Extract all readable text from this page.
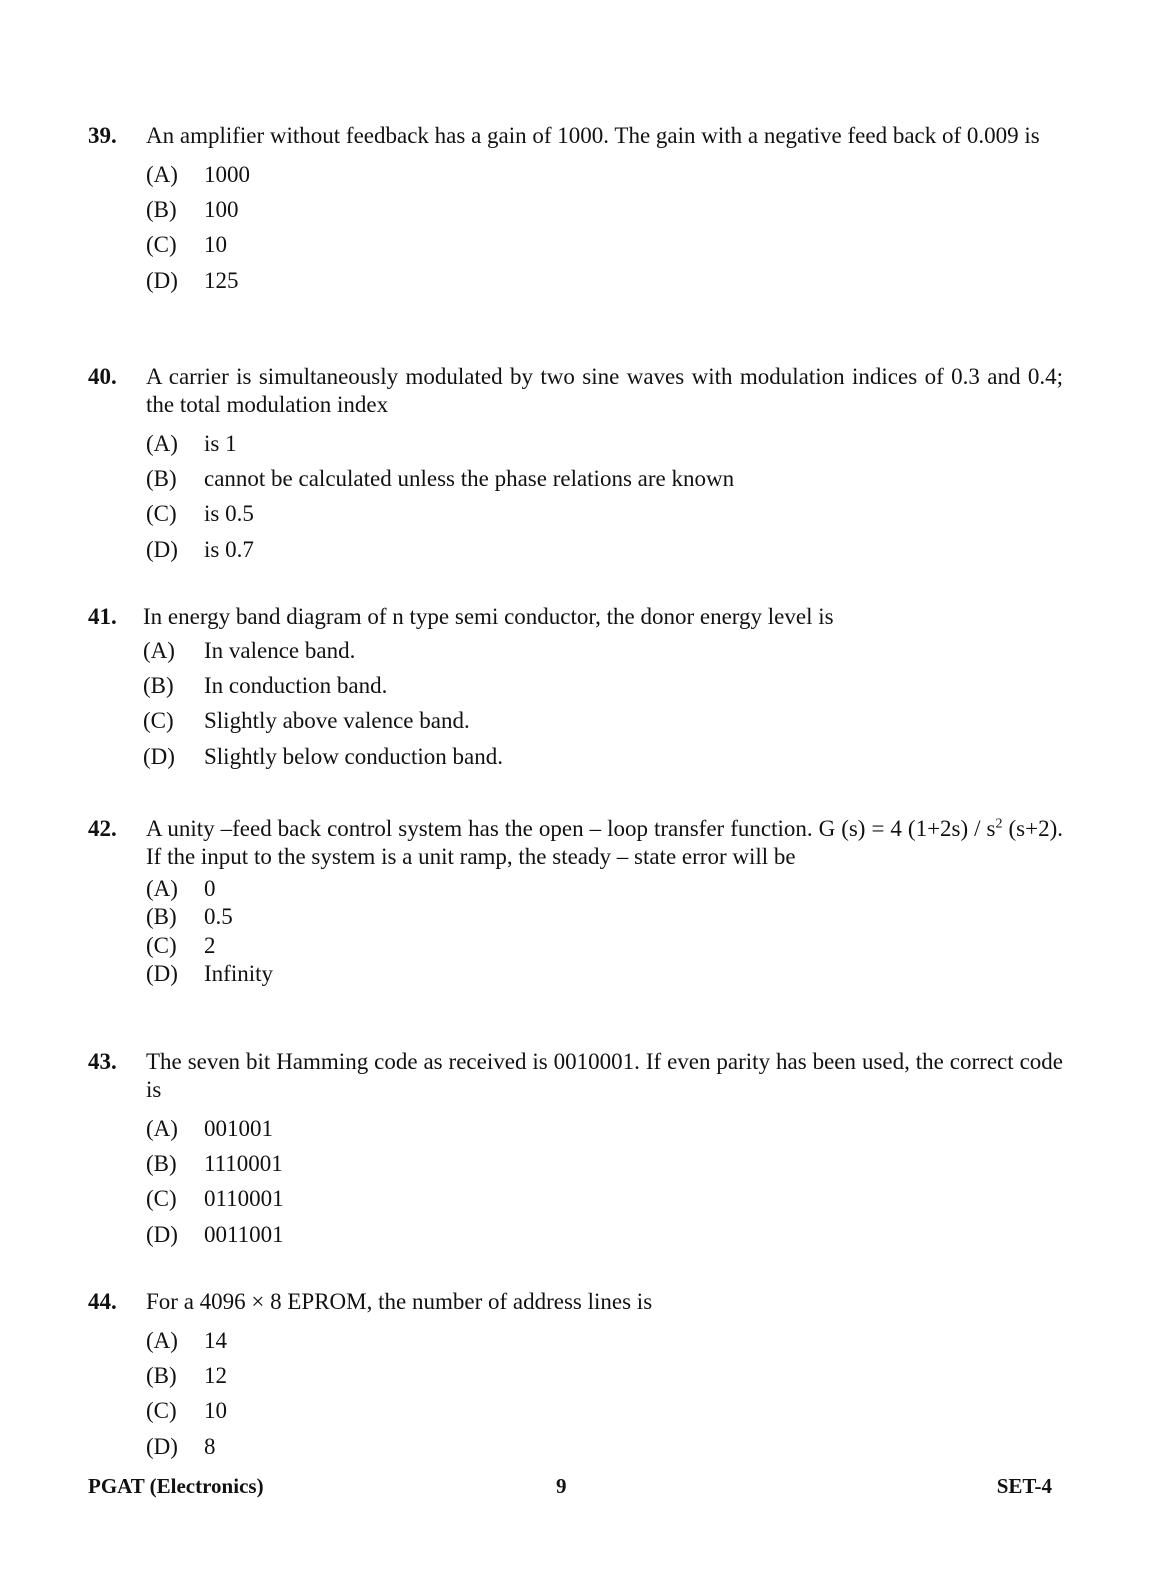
39. An amplifier without feedback has a gain of 1000. The gain with a negative feed back of 0.009 is
(A)	1000
(B)	100
(C)	10
(D)	125
40. A carrier is simultaneously modulated by two sine waves with modulation indices of 0.3 and 0.4; the total modulation index
(A)	is 1
(B)	cannot be calculated unless the phase relations are known
(C)	is 0.5
(D)	is 0.7
41. In energy band diagram of n type semi conductor, the donor energy level is
(A)	In valence band.
(B)	In conduction band.
(C)	Slightly above valence band.
(D)	Slightly below conduction band.
42. A unity –feed back control system has the open – loop transfer function. G (s) = 4 $(1+2s) / s^2$ (s+2). If the input to the system is a unit ramp, the steady – state error will be
(A)	0
(B)	0.5
(C)	2
(D)	Infinity
43. The seven bit Hamming code as received is 0010001. If even parity has been used, the correct code is
(A)	001001
(B)	1110001
(C)	0110001
(D)	0011001
44. For a 4096 × 8 EPROM, the number of address lines is
(A)	14
(B)	12
(C)	10
(D)	8
PGAT (Electronics)	9	SET-4
